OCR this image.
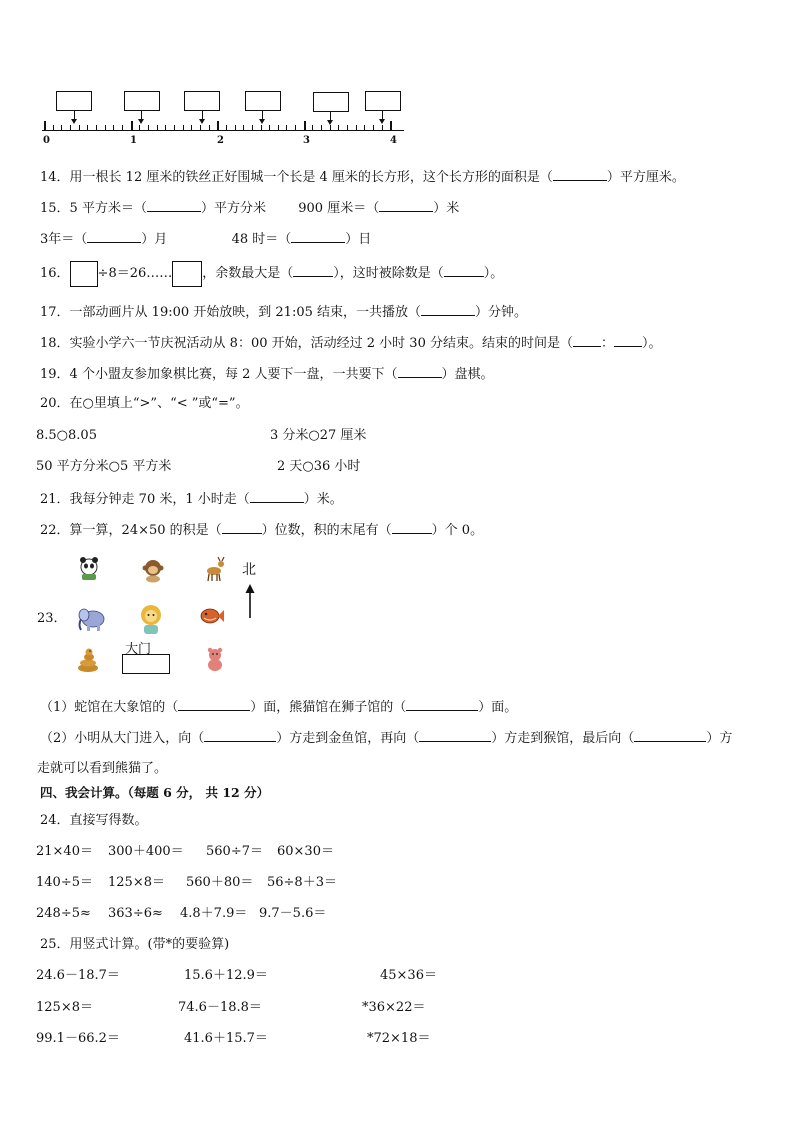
0	1	2	3	4
14．用一根长 12 厘米的铁丝正好围城一个长是 4 厘米的长方形，这个长方形的面积是（	）平方厘米。
15．5 平方米＝（	）平方分米 900 厘米＝（	）米
3年＝（	）月	48 时＝（	）日
16． ÷8＝26…… ，余数最大是（	），这时被除数是（	）。
17．一部动画片从 19:00 开始放映，到 21:05 结束，一共播放（	）分钟。
18．实验小学六一节庆祝活动从 8：00 开始，活动经过 2 小时 30 分结束。结束的时间是（ ： ）。
19．4 个小盟友参加象棋比赛，每 2 人要下一盘，一共要下（	）盘棋。
20．在○里填上“>”、“< ”或“=”。
8.5○8.05	3 分米○27 厘米
50 平方分米○5 平方米	2 天○36 小时
21．我每分钟走 70 米，1 小时走（	）米。
22．算一算，24×50 的积是（	）位数，积的末尾有（	）个 0。
23．
大门
北
（1）蛇馆在大象馆的（	）面，熊猫馆在狮子馆的（	）面。
（2）小明从大门进入，向（	）方走到金鱼馆，再向（	）方走到猴馆，最后向（	）方
走就可以看到熊猫了。
四、我会计算。（每题 6 分， 共 12 分）
24．直接写得数。
21×40＝ 300＋400＝ 560÷7＝ 60×30＝
140÷5＝ 125×8＝ 560＋80＝ 56÷8＋3＝
248÷5≈ 363÷6≈ 4.8＋7.9＝ 9.7－5.6＝
25．用竖式计算。(带*的要验算)
24.6－18.7＝	15.6＋12.9＝	45×36＝
125×8＝	74.6－18.8＝	*36×22＝
99.1－66.2＝	41.6＋15.7＝	*72×18＝
